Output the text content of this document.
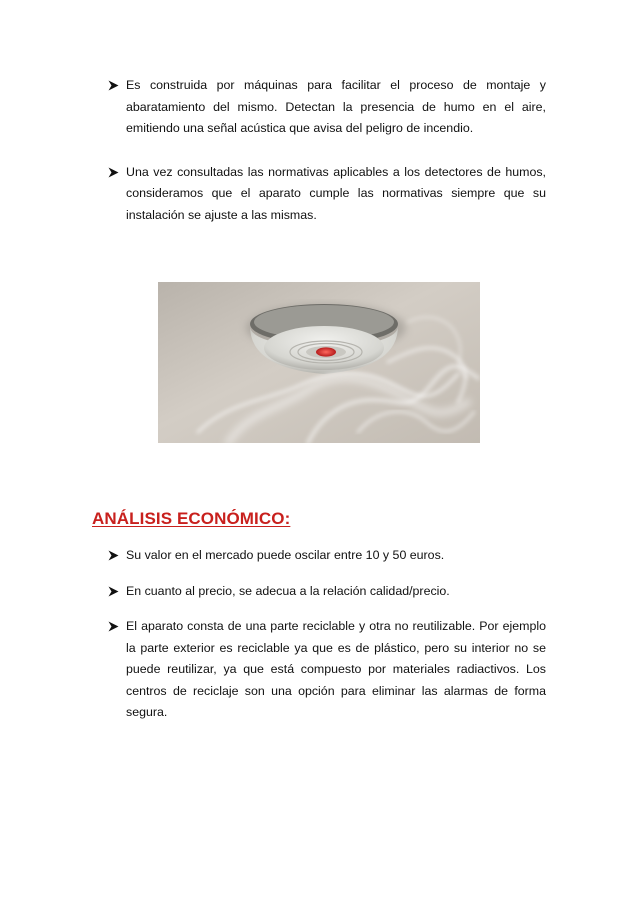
Es construida por máquinas para facilitar el proceso de montaje y abaratamiento del mismo. Detectan la presencia de humo en el aire, emitiendo una señal acústica que avisa del peligro de incendio.
Una vez consultadas las normativas aplicables a los detectores de humos, consideramos que el aparato cumple las normativas siempre que su instalación se ajuste a las mismas.
ANÁLISIS ECONÓMICO:
Su valor en el mercado puede oscilar entre 10 y 50 euros.
En cuanto al precio, se adecua a la relación calidad/precio.
El aparato consta de una parte reciclable y otra no reutilizable. Por ejemplo la parte exterior es reciclable ya que es de plástico, pero su interior no se puede reutilizar, ya que está compuesto por materiales radiactivos. Los centros de reciclaje son una opción para eliminar las alarmas de forma segura.
